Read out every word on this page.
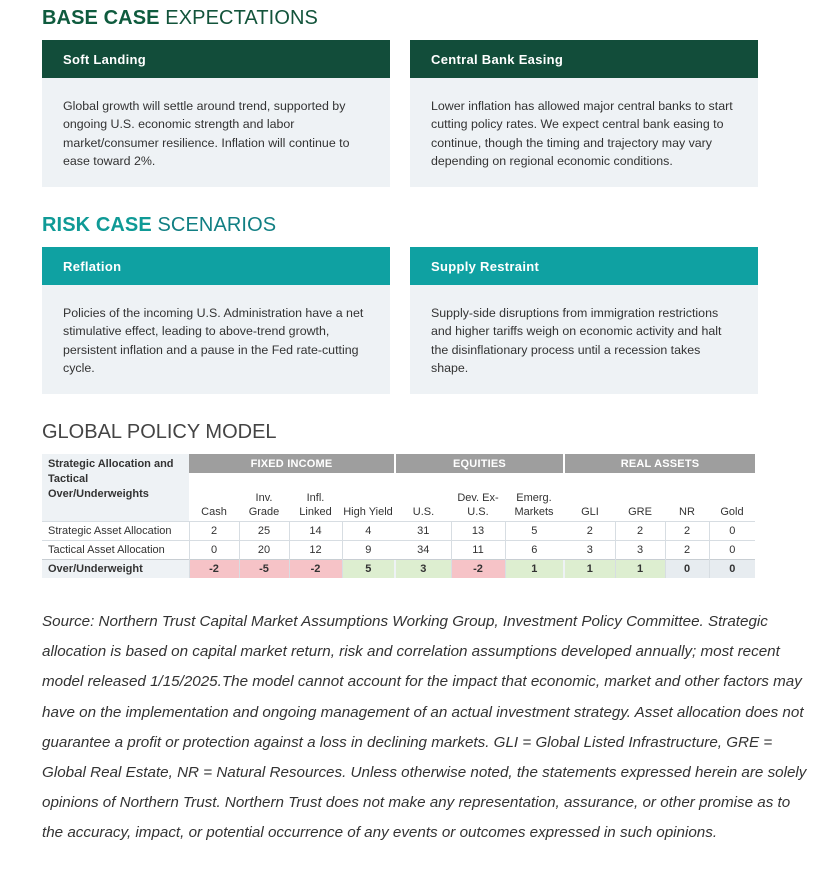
BASE CASE EXPECTATIONS
Soft Landing
Global growth will settle around trend, supported by ongoing U.S. economic strength and labor market/consumer resilience. Inflation will continue to ease toward 2%.
Central Bank Easing
Lower inflation has allowed major central banks to start cutting policy rates. We expect central bank easing to continue, though the timing and trajectory may vary depending on regional economic conditions.
RISK CASE SCENARIOS
Reflation
Policies of the incoming U.S. Administration have a net stimulative effect, leading to above-trend growth, persistent inflation and a pause in the Fed rate-cutting cycle.
Supply Restraint
Supply-side disruptions from immigration restrictions and higher tariffs weigh on economic activity and halt the disinflationary process until a recession takes shape.
GLOBAL POLICY MODEL
Strategic Allocation and Tactical Over/Underweights	FIXED INCOME					EQUITIES				REAL ASSETS			
	Cash	Inv. Grade	Infl. Linked	High Yield		U.S.	Dev. Ex-U.S.	Emerg. Markets		GLI	GRE	NR	Gold
Strategic Asset Allocation	2	25	14	4		31	13	5		2	2	2	0
Tactical Asset Allocation	0	20	12	9		34	11	6		3	3	2	0
Over/Underweight	-2	-5	-2	5		3	-2	1		1	1	0	0
Source: Northern Trust Capital Market Assumptions Working Group, Investment Policy Committee. Strategic allocation is based on capital market return, risk and correlation assumptions developed annually; most recent model released 1/15/2025.The model cannot account for the impact that economic, market and other factors may have on the implementation and ongoing management of an actual investment strategy. Asset allocation does not guarantee a profit or protection against a loss in declining markets. GLI = Global Listed Infrastructure, GRE = Global Real Estate, NR = Natural Resources. Unless otherwise noted, the statements expressed herein are solely opinions of Northern Trust. Northern Trust does not make any representation, assurance, or other promise as to the accuracy, impact, or potential occurrence of any events or outcomes expressed in such opinions.
